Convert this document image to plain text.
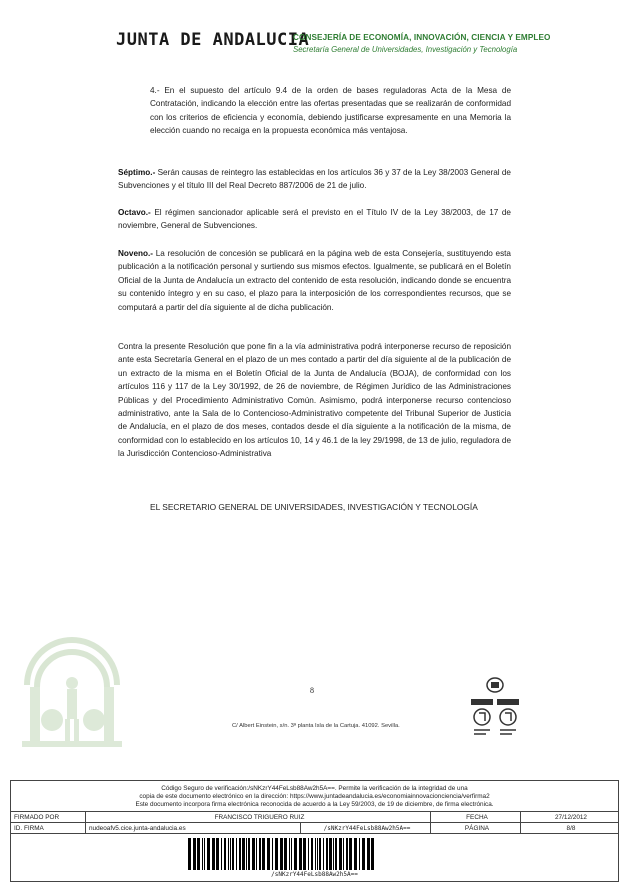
JUNTA DE ANDALUCIA
CONSEJERÍA DE ECONOMÍA, INNOVACIÓN, CIENCIA Y EMPLEO
Secretaría General de Universidades, Investigación y Tecnología
4.- En el supuesto del artículo 9.4 de la orden de bases reguladoras Acta de la Mesa de Contratación, indicando la elección entre las ofertas presentadas que se realizarán de conformidad con los criterios de eficiencia y economía, debiendo justificarse expresamente en una Memoria la elección cuando no recaiga en la propuesta económica más ventajosa.
Séptimo.- Serán causas de reintegro las establecidas en los artículos 36 y 37 de la Ley 38/2003 General de Subvenciones y el título III del Real Decreto 887/2006 de 21 de julio.
Octavo.- El régimen sancionador aplicable será el previsto en el Título IV de la Ley 38/2003, de 17 de noviembre, General de Subvenciones.
Noveno.- La resolución de concesión se publicará en la página web de esta Consejería, sustituyendo esta publicación a la notificación personal y surtiendo sus mismos efectos. Igualmente, se publicará en el Boletín Oficial de la Junta de Andalucía un extracto del contenido de esta resolución, indicando donde se encuentra su contenido íntegro y en su caso, el plazo para la interposición de los correspondientes recursos, que se computará a partir del día siguiente al de dicha publicación.
Contra la presente Resolución que pone fin a la vía administrativa podrá interponerse recurso de reposición ante esta Secretaría General en el plazo de un mes contado a partir del día siguiente al de la publicación de un extracto de la misma en el Boletín Oficial de la Junta de Andalucía (BOJA), de conformidad con los artículos 116 y 117 de la Ley 30/1992, de 26 de noviembre, de Régimen Jurídico de las Administraciones Públicas y del Procedimiento Administrativo Común. Asimismo, podrá interponerse recurso contencioso administrativo, ante la Sala de lo Contencioso-Administrativo competente del Tribunal Superior de Justicia de Andalucía, en el plazo de dos meses, contados desde el día siguiente a la notificación de la misma, de conformidad con lo establecido en los artículos 10, 14 y 46.1 de la ley 29/1998, de 13 de julio, reguladora de la Jurisdicción Contencioso-Administrativa
EL SECRETARIO GENERAL DE UNIVERSIDADES, INVESTIGACIÓN Y TECNOLOGÍA
8
C/ Albert Einstein, s/n. 3ª planta Isla de la Cartuja. 41092. Sevilla.
Código Seguro de verificación:/sNKzrY44FeLsb88Aw2h5A==. Permite la verificación de la integridad de una
copia de este documento electrónico en la dirección: https://www.juntadeandalucia.es/economiainnovacionciencia/verfirma2
Este documento incorpora firma electrónica reconocida de acuerdo a la Ley 59/2003, de 19 de diciembre, de firma electrónica.
FIRMADO POR	FRANCISCO TRIGUERO RUIZ	FECHA	27/12/2012
ID. FIRMA	nudeoafv5.cice.junta-andalucia.es	/sNKzrY44FeLsb88Aw2h5A==	PÁGINA	8/8
/sNKzrY44FeLsb88Aw2h5A==
